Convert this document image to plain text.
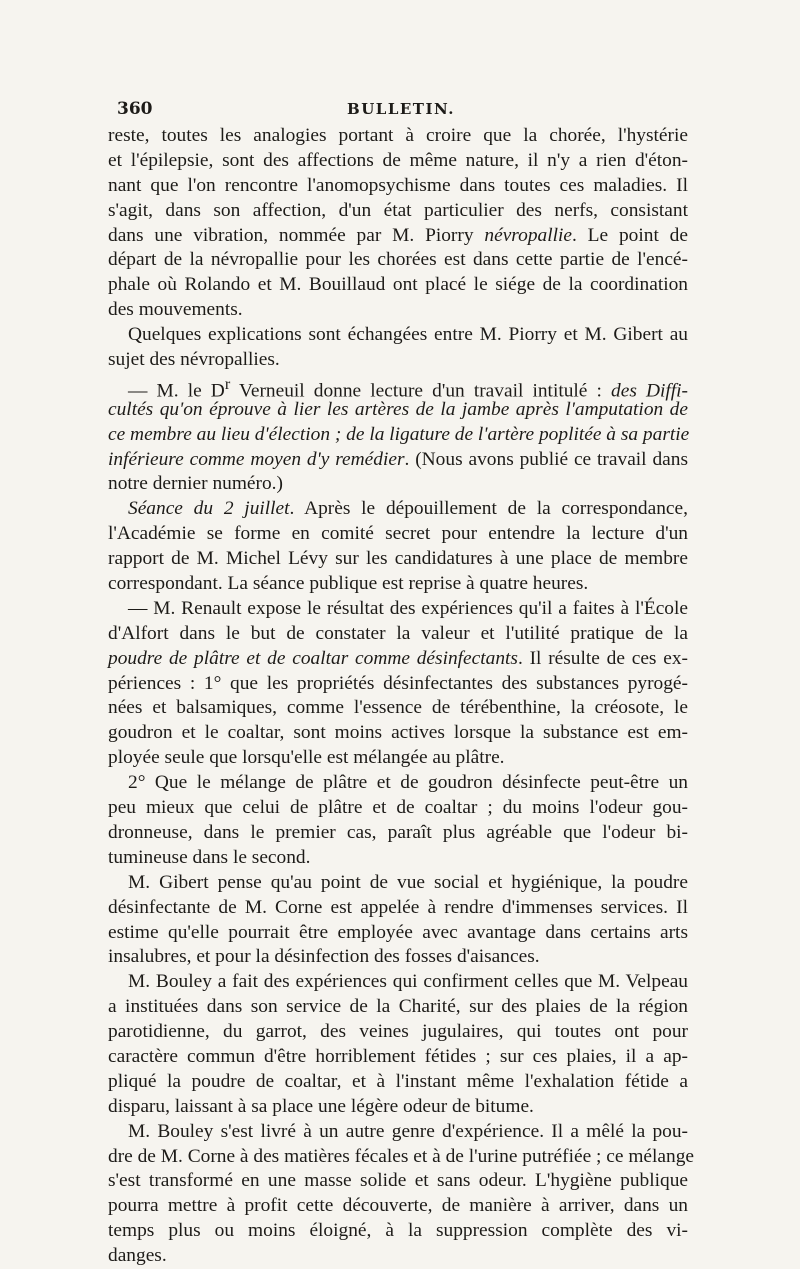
360	BULLETIN.
reste, toutes les analogies portant à croire que la chorée, l'hystérie
et l'épilepsie, sont des affections de même nature, il n'y a rien d'éton-
nant que l'on rencontre l'anomopsychisme dans toutes ces maladies. Il
s'agit, dans son affection, d'un état particulier des nerfs, consistant
dans une vibration, nommée par M. Piorry névropallie. Le point de
départ de la névropallie pour les chorées est dans cette partie de l'encé-
phale où Rolando et M. Bouillaud ont placé le siége de la coordination
des mouvements.
Quelques explications sont échangées entre M. Piorry et M. Gibert au
sujet des névropallies.
— M. le $D^r$ Verneuil donne lecture d'un travail intitulé : des Diffi-
cultés qu'on éprouve à lier les artères de la jambe après l'amputation de
ce membre au lieu d'élection ; de la ligature de l'artère poplitée à sa partie
inférieure comme moyen d'y remédier. (Nous avons publié ce travail dans
notre dernier numéro.)
Séance du 2 juillet. Après le dépouillement de la correspondance,
l'Académie se forme en comité secret pour entendre la lecture d'un
rapport de M. Michel Lévy sur les candidatures à une place de membre
correspondant. La séance publique est reprise à quatre heures.
— M. Renault expose le résultat des expériences qu'il a faites à l'École
d'Alfort dans le but de constater la valeur et l'utilité pratique de la
poudre de plâtre et de coaltar comme désinfectants. Il résulte de ces ex-
périences : 1° que les propriétés désinfectantes des substances pyrogé-
nées et balsamiques, comme l'essence de térébenthine, la créosote, le
goudron et le coaltar, sont moins actives lorsque la substance est em-
ployée seule que lorsqu'elle est mélangée au plâtre.
2° Que le mélange de plâtre et de goudron désinfecte peut-être un
peu mieux que celui de plâtre et de coaltar ; du moins l'odeur gou-
dronneuse, dans le premier cas, paraît plus agréable que l'odeur bi-
tumineuse dans le second.
M. Gibert pense qu'au point de vue social et hygiénique, la poudre
désinfectante de M. Corne est appelée à rendre d'immenses services. Il
estime qu'elle pourrait être employée avec avantage dans certains arts
insalubres, et pour la désinfection des fosses d'aisances.
M. Bouley a fait des expériences qui confirment celles que M. Velpeau
a instituées dans son service de la Charité, sur des plaies de la région
parotidienne, du garrot, des veines jugulaires, qui toutes ont pour
caractère commun d'être horriblement fétides ; sur ces plaies, il a ap-
pliqué la poudre de coaltar, et à l'instant même l'exhalation fétide a
disparu, laissant à sa place une légère odeur de bitume.
M. Bouley s'est livré à un autre genre d'expérience. Il a mêlé la pou-
dre de M. Corne à des matières fécales et à de l'urine putréfiée ; ce mélange
s'est transformé en une masse solide et sans odeur. L'hygiène publique
pourra mettre à profit cette découverte, de manière à arriver, dans un
temps plus ou moins éloigné, à la suppression complète des vi-
danges.
